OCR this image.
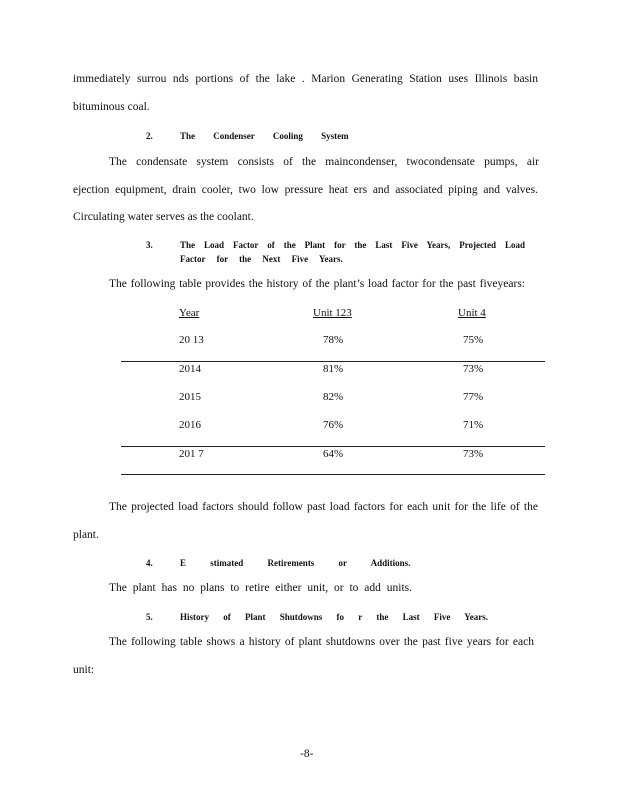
immediately surrou nds portions of the lake . Marion Generating Station uses Illinois basin
bituminous coal.
2.	The Condenser Cooling System
The condensate system consists of the maincondenser, twocondensate pumps, air
ejection equipment, drain cooler, two low pressure heat ers and associated piping and valves.
Circulating water serves as the coolant.
3.	The Load Factor of the Plant for the Last Five Years, Projected Load
Factor for the Next Five Years.
The following table provides the history of the plant’s load factor for the past fiveyears:
Year	Unit 123	Unit 4
20 13	78%	75%
2014	81%	73%
2015	82%	77%
2016	76%	71%
201 7	64%	73%
The projected load factors should follow past load factors for each unit for the life of the
plant.
4.	E stimated Retirements or Additions.
The plant has no plans to retire either unit, or to add units.
5.	History of Plant Shutdowns fo r the Last Five Years.
The following table shows a history of plant shutdowns over the past five years for each
unit:
-8-
